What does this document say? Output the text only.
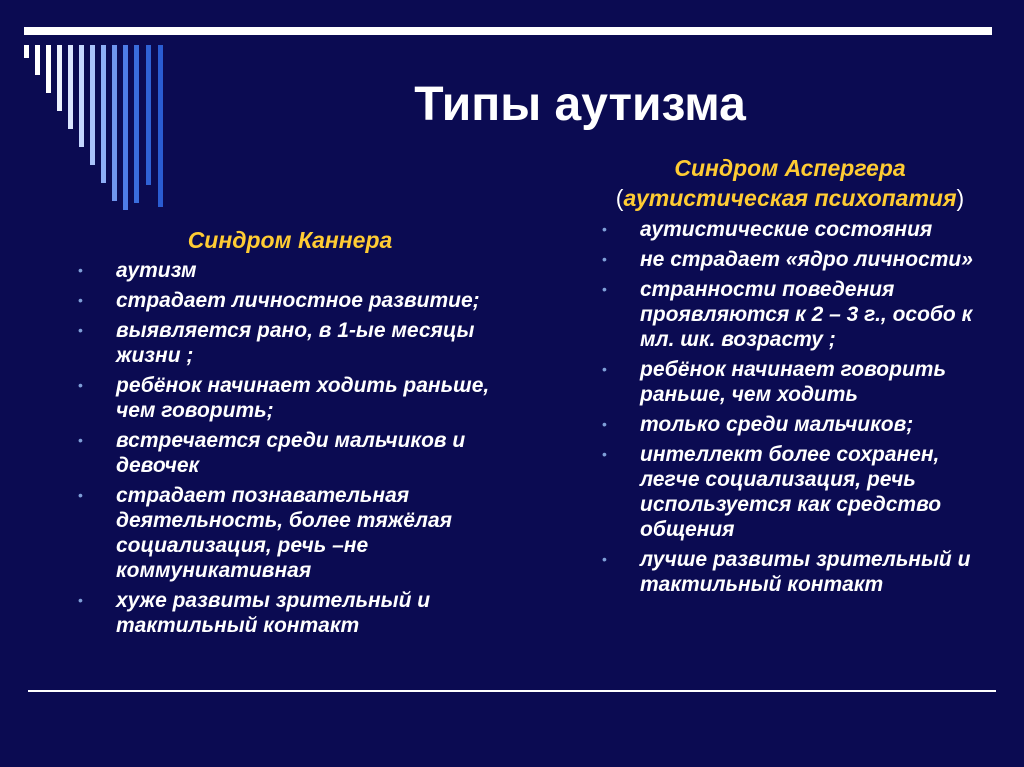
Типы аутизма
Синдром Каннера
• аутизм
• страдает личностное развитие;
• выявляется рано, в 1-ые месяцы жизни ;
• ребёнок начинает ходить раньше, чем говорить;
• встречается среди мальчиков и девочек
• страдает познавательная деятельность, более тяжёлая социализация, речь –не коммуникативная
• хуже развиты зрительный и тактильный контакт
Синдром Аспергера
(аутистическая психопатия)
• аутистические состояния
• не страдает «ядро личности»
• странности поведения проявляются к 2 – 3 г., особо к мл. шк. возрасту ;
• ребёнок начинает говорить раньше, чем ходить
• только среди мальчиков;
• интеллект более сохранен, легче социализация, речь используется как средство общения
• лучше развиты зрительный и тактильный контакт
